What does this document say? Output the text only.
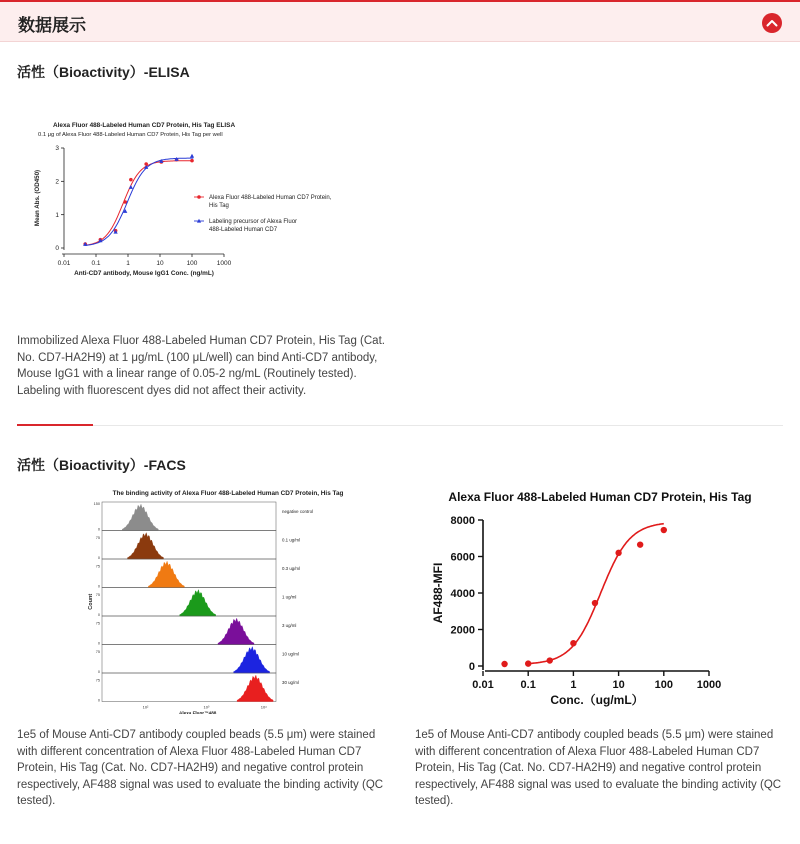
数据展示
活性（Bioactivity）-ELISA
Alexa Fluor 488-Labeled Human CD7 Protein, His Tag ELISA
0.1 μg of Alexa Fluor 488-Labeled Human CD7 Protein, His Tag per well
0
1
2
3
0.01	0.1	1	10	100	1000
Anti-CD7 antibody, Mouse IgG1 Conc. (ng/mL)
Mean Abs. (OD450)	Alexa Fluor 488-Labeled Human CD7 Protein, His Tag
Labeling precursor of Alexa Fluor 488-Labeled Human CD7
Immobilized Alexa Fluor 488-Labeled Human CD7 Protein, His Tag (Cat.
No. CD7-HA2H9) at 1 μg/mL (100 μL/well) can bind Anti-CD7 antibody,
Mouse IgG1 with a linear range of 0.05-2 ng/mL (Routinely tested).
Labeling with fluorescent dyes did not affect their activity.
活性（Bioactivity）-FACS
The binding activity of Alexa Fluor 488-Labeled Human CD7 Protein, His Tag
Count
0
150
negative control
0
75	0.1 ug/ml
0
75	0.3 ug/ml
0
75	1 ug/ml
0
75	3 ug/ml
0
75	10 ug/ml
0
75	30 ug/ml
10²	10³	10⁴
Alexa Fluor™488
Alexa Fluor 488-Labeled Human CD7 Protein, His Tag
0
2000
4000
6000
8000
0.01 0.1	1	10	100 1000
Conc.（ug/mL）
AF488-MFI
1e5 of Mouse Anti-CD7 antibody coupled beads (5.5 μm) were stained
with different concentration of Alexa Fluor 488-Labeled Human CD7
Protein, His Tag (Cat. No. CD7-HA2H9) and negative control protein
respectively, AF488 signal was used to evaluate the binding activity (QC
tested).
1e5 of Mouse Anti-CD7 antibody coupled beads (5.5 μm) were stained
with different concentration of Alexa Fluor 488-Labeled Human CD7
Protein, His Tag (Cat. No. CD7-HA2H9) and negative control protein
respectively, AF488 signal was used to evaluate the binding activity (QC
tested).
